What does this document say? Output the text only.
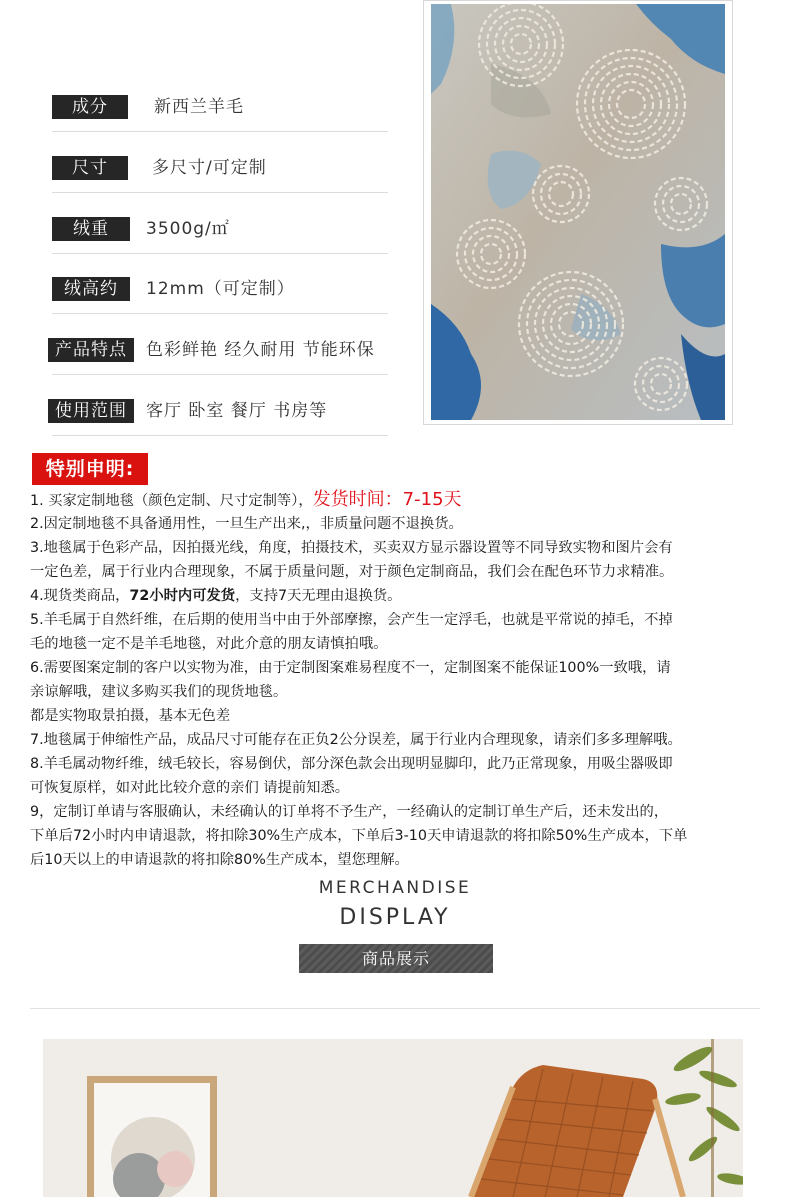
成分	新西兰羊毛
尺寸	多尺寸/可定制
绒重	3500g/㎡
绒高约	12mm（可定制）
产品特点	色彩鲜艳 经久耐用 节能环保
使用范围	客厅 卧室 餐厅 书房等
特别申明:
1. 买家定制地毯（颜色定制、尺寸定制等），发货时间：7-15天
2.因定制地毯不具备通用性，一旦生产出来,，非质量问题不退换货。
3.地毯属于色彩产品，因拍摄光线，角度，拍摄技术，买卖双方显示器设置等不同导致实物和图片会有
一定色差，属于行业内合理现象，不属于质量问题，对于颜色定制商品，我们会在配色环节力求精准。
4.现货类商品，72小时内可发货，支持7天无理由退换货。
5.羊毛属于自然纤维，在后期的使用当中由于外部摩擦，会产生一定浮毛，也就是平常说的掉毛，不掉
毛的地毯一定不是羊毛地毯，对此介意的朋友请慎拍哦。
6.需要图案定制的客户以实物为准，由于定制图案难易程度不一，定制图案不能保证100%一致哦，请
亲谅解哦，建议多购买我们的现货地毯。
都是实物取景拍摄，基本无色差
7.地毯属于伸缩性产品，成品尺寸可能存在正负2公分误差，属于行业内合理现象，请亲们多多理解哦。
8.羊毛属动物纤维，绒毛较长，容易倒伏，部分深色款会出现明显脚印，此乃正常现象，用吸尘器吸即
可恢复原样，如对此比较介意的亲们 请提前知悉。
9，定制订单请与客服确认，未经确认的订单将不予生产，一经确认的定制订单生产后，还未发出的，
下单后72小时内申请退款，将扣除30%生产成本，下单后3-10天申请退款的将扣除50%生产成本，下单
后10天以上的申请退款的将扣除80%生产成本，望您理解。
MERCHANDISE
DISPLAY
商品展示
